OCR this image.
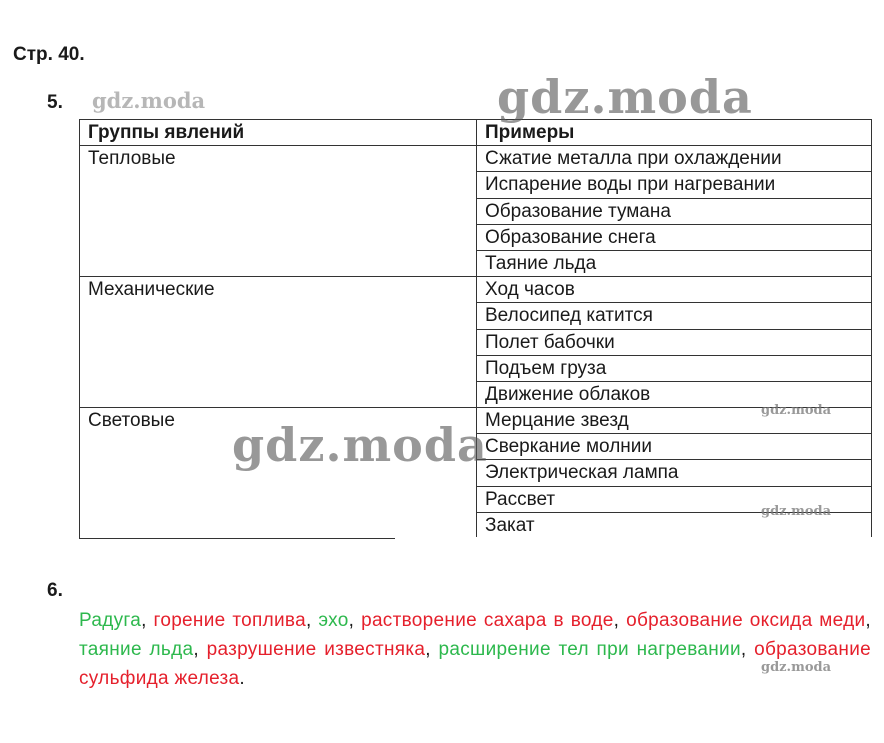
Стр. 40.
5.
Группы явлений	Примеры
Тепловые	Сжатие металла при охлаждении
	Испарение воды при нагревании
	Образование тумана
	Образование снега
	Таяние льда
Механические	Ход часов
	Велосипед катится
	Полет бабочки
	Подъем груза
	Движение облаков
Световые	Мерцание звезд
	Сверкание молнии
	Электрическая лампа
	Рассвет
	Закат
6.
Радуга, горение топлива, эхо, растворение сахара в воде, образование оксида меди, таяние льда, разрушение известняка, расширение тел при нагревании, образование сульфида железа.
gdz.moda	gdz.moda
gdz.moda
gdz.moda
gdz.moda
gdz.moda
